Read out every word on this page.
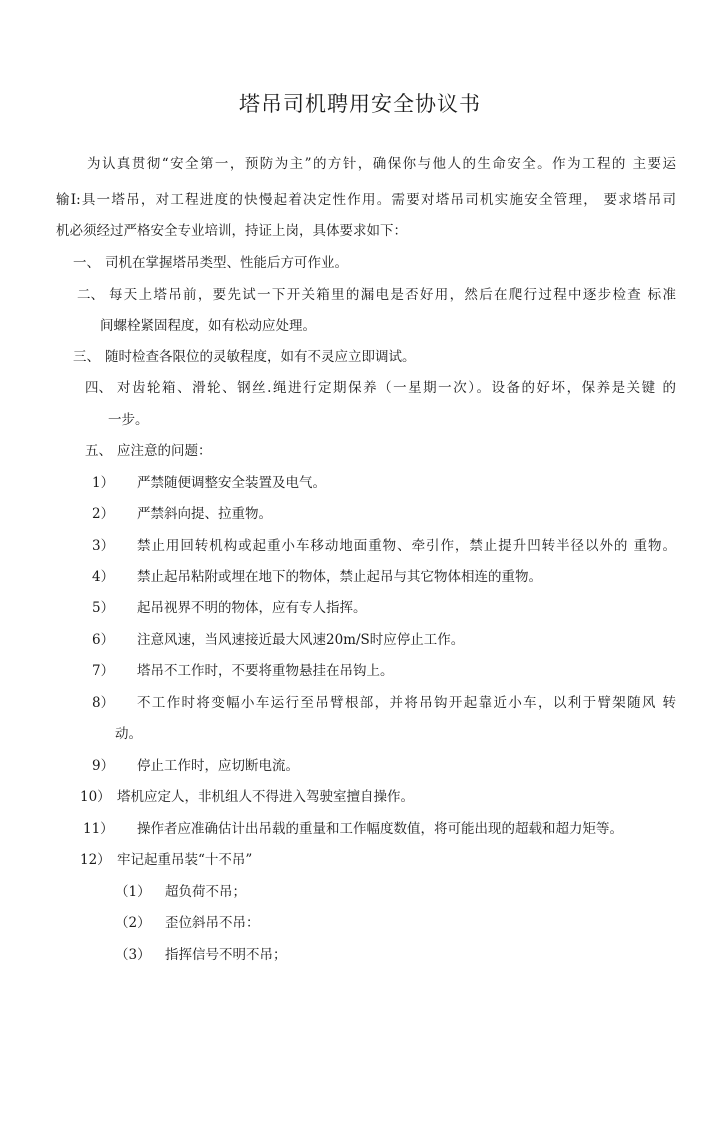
塔吊司机聘用安全协议书
为认真贯彻“安全第一，预防为主”的方针，确保你与他人的生命安全。作为工程的 主要运
输I:具一塔吊，对工程进度的快慢起着决定性作用。需要对塔吊司机实施安全管理， 要求塔吊司
机必须经过严格安全专业培训，持证上岗，具体要求如下：
一、 司机在掌握塔吊类型、性能后方可作业。
二、 每天上塔吊前，要先试一下开关箱里的漏电是否好用，然后在爬行过程中逐步检查 标准
间螺栓紧固程度，如有松动应处理。
三、 随时检查各限位的灵敏程度，如有不灵应立即调试。
四、 对齿轮箱、滑轮、钢丝.绳进行定期保养（一星期一次）。设备的好坏，保养是关键 的
一步。
五、 应注意的问题：
1） 严禁随便调整安全装置及电气。
2） 严禁斜向提、拉重物。
3） 禁止用回转机构或起重小车移动地面重物、牵引作，禁止提升凹转半径以外的 重物。
4） 禁止起吊粘附或埋在地下的物体，禁止起吊与其它物体相连的重物。
5） 起吊视界不明的物体，应有专人指挥。
6） 注意风速，当风速接近最大风速20m/S时应停止工作。
7） 塔吊不工作时，不要将重物悬挂在吊钩上。
8） 不工作时将变幅小车运行至吊臂根部，并将吊钩开起靠近小车，以利于臂架随风 转
动。
9） 停止工作时，应切断电流。
10） 塔机应定人，非机组人不得进入驾驶室擅自操作。
11） 操作者应准确估计出吊载的重量和工作幅度数值，将可能出现的超载和超力矩等。
12） 牢记起重吊装“十不吊”
（1） 超负荷不吊；
（2） 歪位斜吊不吊：
（3） 指挥信号不明不吊；
